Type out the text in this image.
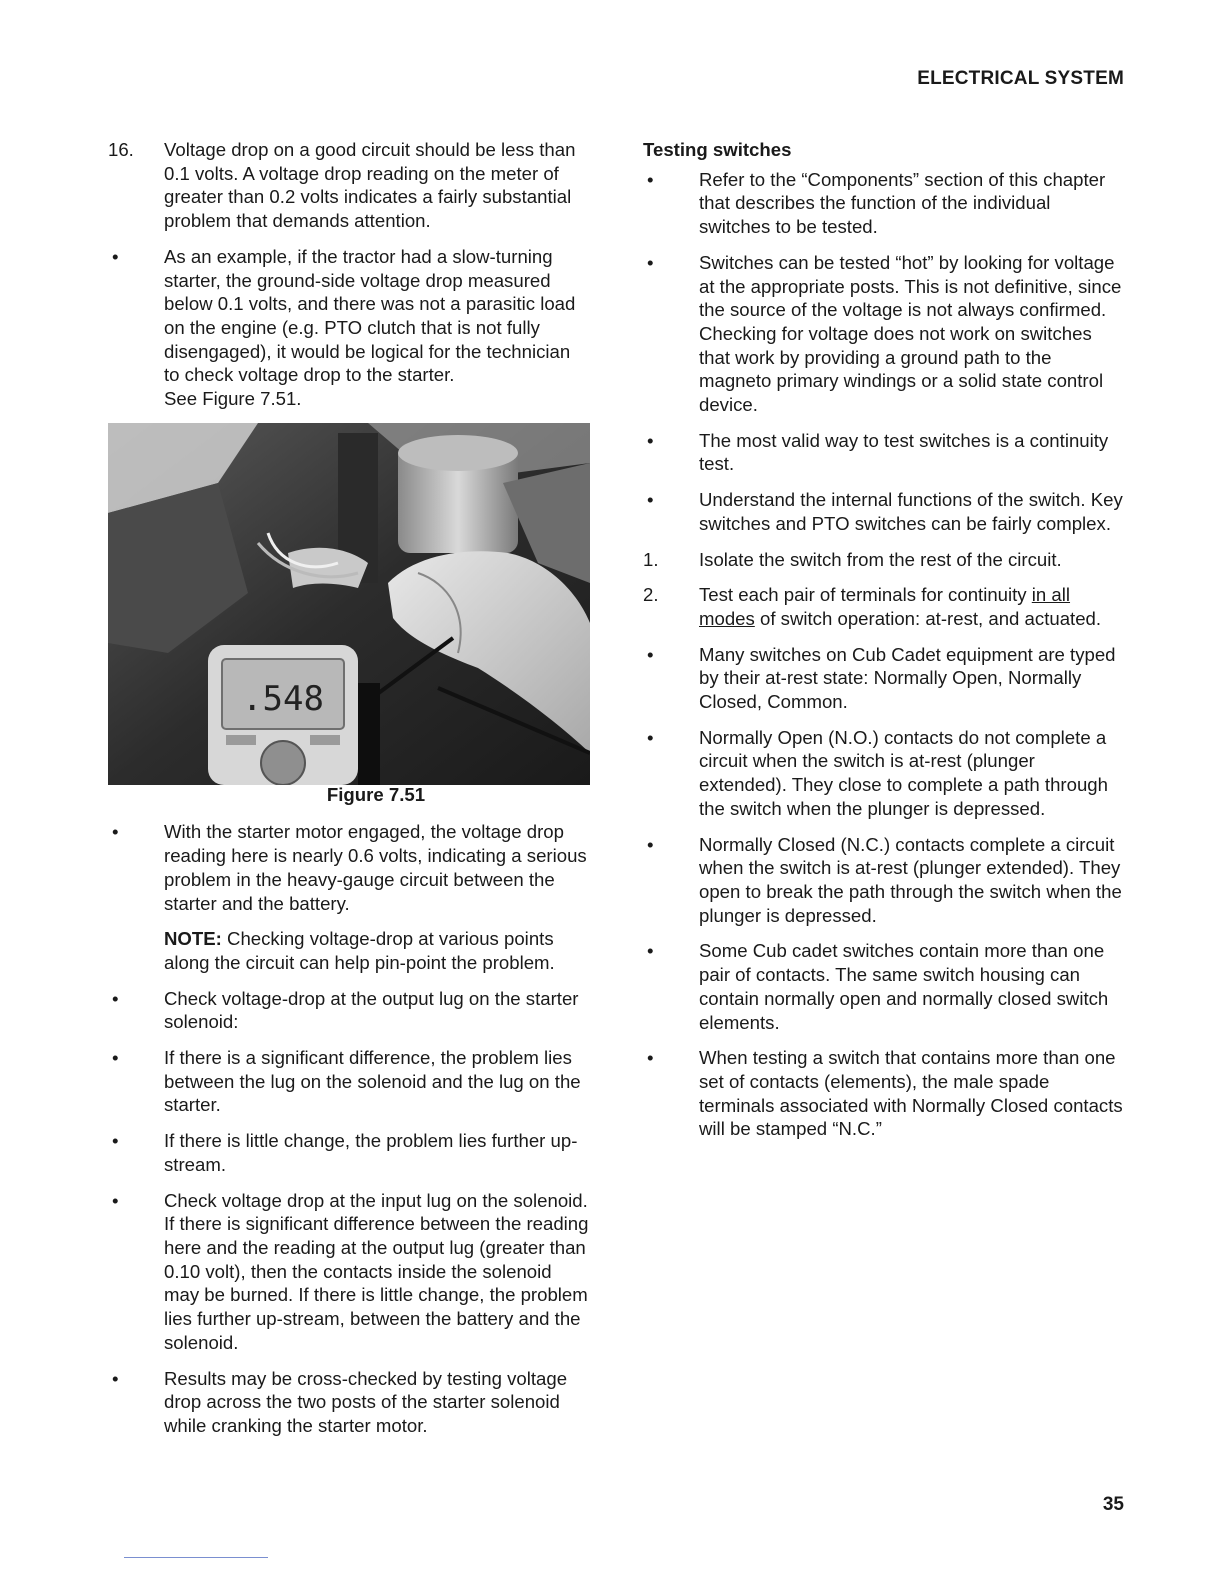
ELECTRICAL SYSTEM
16.	Voltage drop on a good circuit should be less than 0.1 volts. A voltage drop reading on the meter of greater than 0.2 volts indicates a fairly substantial problem that demands attention.
•	As an example, if the tractor had a slow-turning starter, the ground-side voltage drop measured below 0.1 volts, and there was not a parasitic load on the engine (e.g. PTO clutch that is not fully disengaged), it would be logical for the technician to check voltage drop to the starter.
See Figure 7.51.
.548
Figure 7.51
•	With the starter motor engaged, the voltage drop reading here is nearly 0.6 volts, indicating a serious problem in the heavy-gauge circuit between the starter and the battery.
NOTE: Checking voltage-drop at various points along the circuit can help pin-point the problem.
•	Check voltage-drop at the output lug on the starter solenoid:
•	If there is a significant difference, the problem lies between the lug on the solenoid and the lug on the starter.
•	If there is little change, the problem lies further up-stream.
•	Check voltage drop at the input lug on the solenoid. If there is significant difference between the reading here and the reading at the output lug (greater than 0.10 volt), then the contacts inside the solenoid may be burned. If there is little change, the problem lies further up-stream, between the battery and the solenoid.
•	Results may be cross-checked by testing voltage drop across the two posts of the starter solenoid while cranking the starter motor.
Testing switches
•	Refer to the “Components” section of this chapter that describes the function of the individual switches to be tested.
•	Switches can be tested “hot” by looking for voltage at the appropriate posts. This is not definitive, since the source of the voltage is not always confirmed. Checking for voltage does not work on switches that work by providing a ground path to the magneto primary windings or a solid state control device.
•	The most valid way to test switches is a continuity test.
•	Understand the internal functions of the switch. Key switches and PTO switches can be fairly complex.
1.	Isolate the switch from the rest of the circuit.
2.	Test each pair of terminals for continuity in all modes of switch operation: at-rest, and actuated.
•	Many switches on Cub Cadet equipment are typed by their at-rest state: Normally Open, Normally Closed, Common.
•	Normally Open (N.O.) contacts do not complete a circuit when the switch is at-rest (plunger extended). They close to complete a path through the switch when the plunger is depressed.
•	Normally Closed (N.C.) contacts complete a circuit when the switch is at-rest (plunger extended). They open to break the path through the switch when the plunger is depressed.
•	Some Cub cadet switches contain more than one pair of contacts. The same switch housing can contain normally open and normally closed switch elements.
•	When testing a switch that contains more than one set of contacts (elements), the male spade terminals associated with Normally Closed contacts will be stamped “N.C.”
35
